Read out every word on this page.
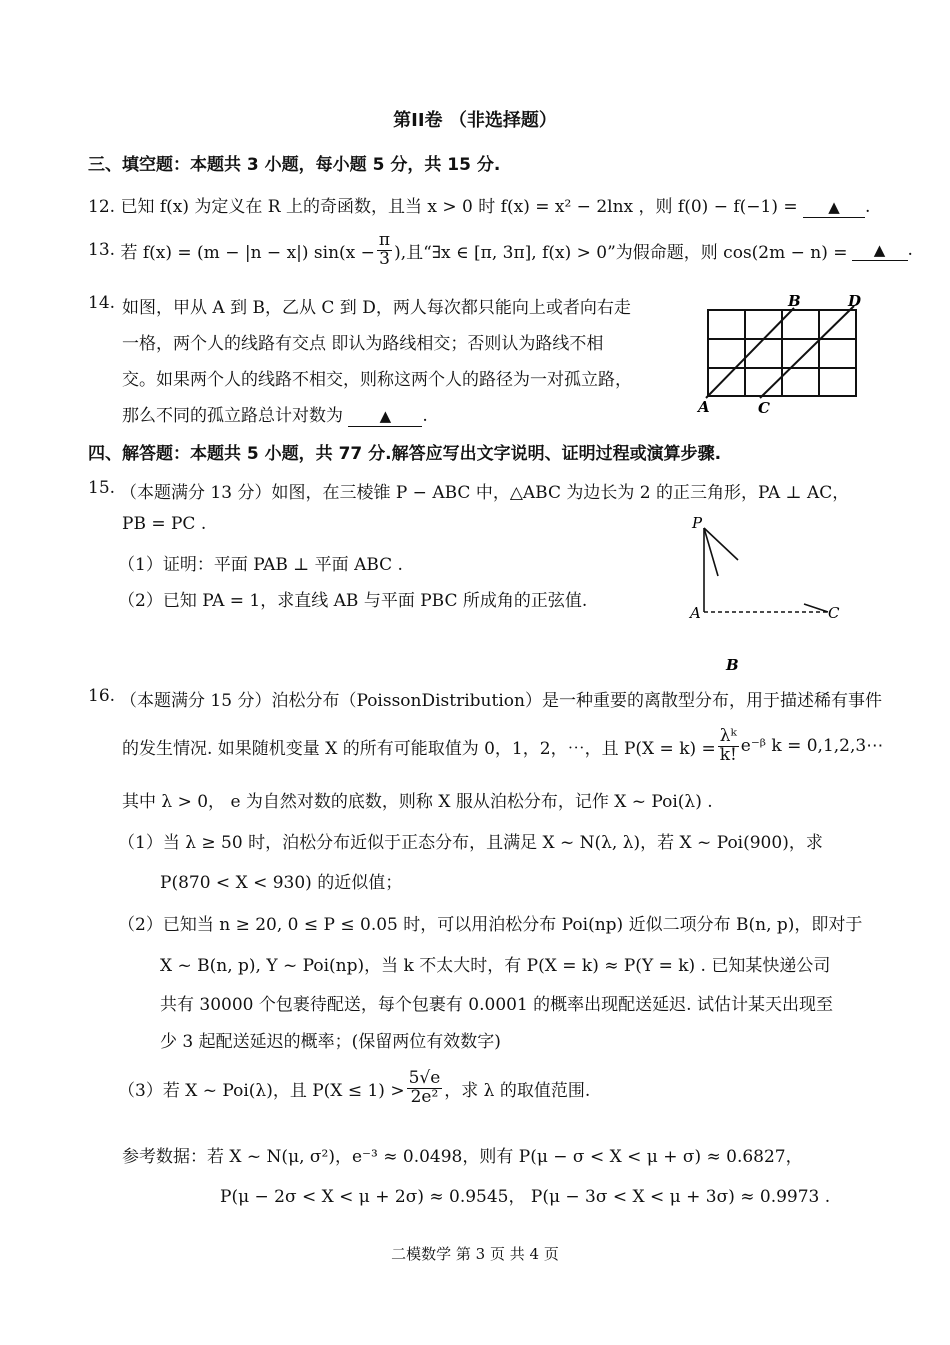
第II卷 （非选择题）
三、填空题：本题共 3 小题，每小题 5 分，共 15 分.
12. 已知 f(x) 为定义在 R 上的奇函数，且当 x > 0 时 f(x) = x² − 2lnx ，则 f(0) − f(−1) = ▲ .
13.
若 f(x) = (m − |n − x|) $\sin(x - \frac{\pi}{3}$ ),且“∃x ∈ [π, 3π], f(x) > 0”为假命题，则 cos(2m − n) =	▲	.
14. 如图，甲从 A 到 B，乙从 C 到 D，两人每次都只能向上或者向右走
一格，两个人的线路有交点 即认为路线相交；否则认为路线不相
交。如果两个人的线路不相交，则称这两个人的路径为一对孤立路，
那么不同的孤立路总计对数为 ▲ .	A
B
C
D
四、解答题：本题共 5 小题，共 77 分.解答应写出文字说明、证明过程或演算步骤.
15. （本题满分 13 分）如图，在三棱锥 P − ABC 中，△ABC 为边长为 2 的正三角形，PA ⊥ AC，
PB = PC .
（1）证明：平面 PAB ⊥ 平面 ABC .
（2）已知 PA = 1，求直线 AB 与平面 PBC 所成角的正弦值.
P
A	C
B
16. （本题满分 15 分）泊松分布（PoissonDistribution）是一种重要的离散型分布，用于描述稀有事件
的发生情况. 如果随机变量 X 的所有可能取值为 0，1，2，⋯，且 $P(X = k) = \frac{\text{λᵏ}}{k!}$ e⁻ᵝ k = 0,1,2,3⋯
其中 λ > 0， e 为自然对数的底数，则称 X 服从泊松分布，记作 X ~ Poi(λ) .
（1）当 λ ≥ 50 时，泊松分布近似于正态分布，且满足 X ~ N(λ, λ)，若 X ~ Poi(900)，求
P(870 < X < 930) 的近似值；
（2）已知当 n ≥ 20, 0 ≤ P ≤ 0.05 时，可以用泊松分布 Poi(np) 近似二项分布 B(n, p)，即对于
X ~ B(n, p), Y ~ Poi(np)，当 k 不太大时，有 P(X = k) ≈ P(Y = k) . 已知某快递公司
共有 30000 个包裹待配送，每个包裹有 0.0001 的概率出现配送延迟. 试估计某天出现至
少 3 起配送延迟的概率；(保留两位有效数字)
（3）若 X ~ Poi(λ)，且 $P(X \le 1) > \frac{5√e}{\text{2e²}}$ ，求 λ 的取值范围.
参考数据：若 X ~ N(μ, σ²)，e⁻³ ≈ 0.0498，则有 P(μ − σ < X < μ + σ) ≈ 0.6827，
P(μ − 2σ < X < μ + 2σ) ≈ 0.9545， P(μ − 3σ < X < μ + 3σ) ≈ 0.9973 .
二模数学 第 3 页 共 4 页
